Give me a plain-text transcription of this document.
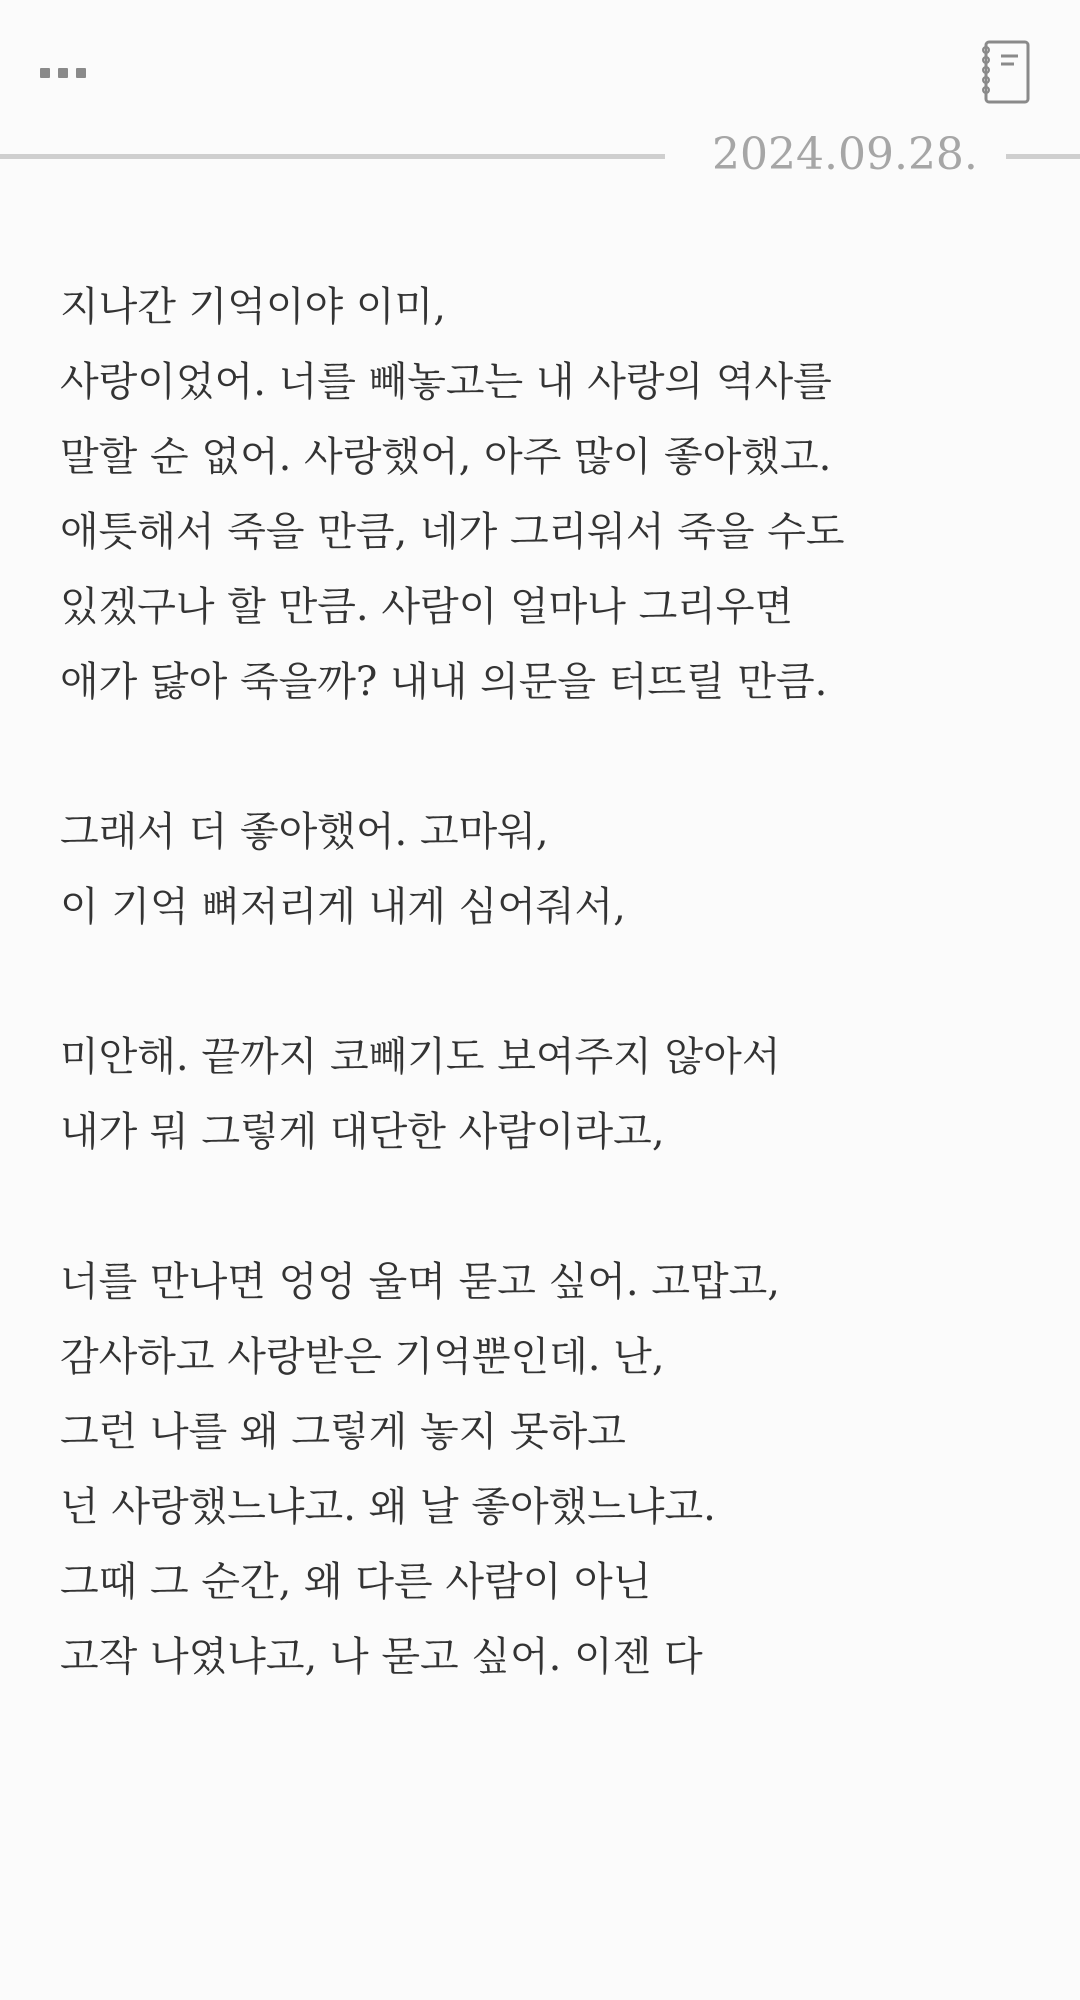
2024.09.28.
지나간 기억이야 이미,
사랑이었어. 너를 빼놓고는 내 사랑의 역사를
말할 순 없어. 사랑했어, 아주 많이 좋아했고.
애틋해서 죽을 만큼, 네가 그리워서 죽을 수도
있겠구나 할 만큼. 사람이 얼마나 그리우면
애가 닳아 죽을까? 내내 의문을 터뜨릴 만큼.
그래서 더 좋아했어. 고마워,
이 기억 뼈저리게 내게 심어줘서,
미안해. 끝까지 코빼기도 보여주지 않아서
내가 뭐 그렇게 대단한 사람이라고,
너를 만나면 엉엉 울며 묻고 싶어. 고맙고,
감사하고 사랑받은 기억뿐인데. 난,
그런 나를 왜 그렇게 놓지 못하고
넌 사랑했느냐고. 왜 날 좋아했느냐고.
그때 그 순간, 왜 다른 사람이 아닌
고작 나였냐고, 나 묻고 싶어. 이젠 다
